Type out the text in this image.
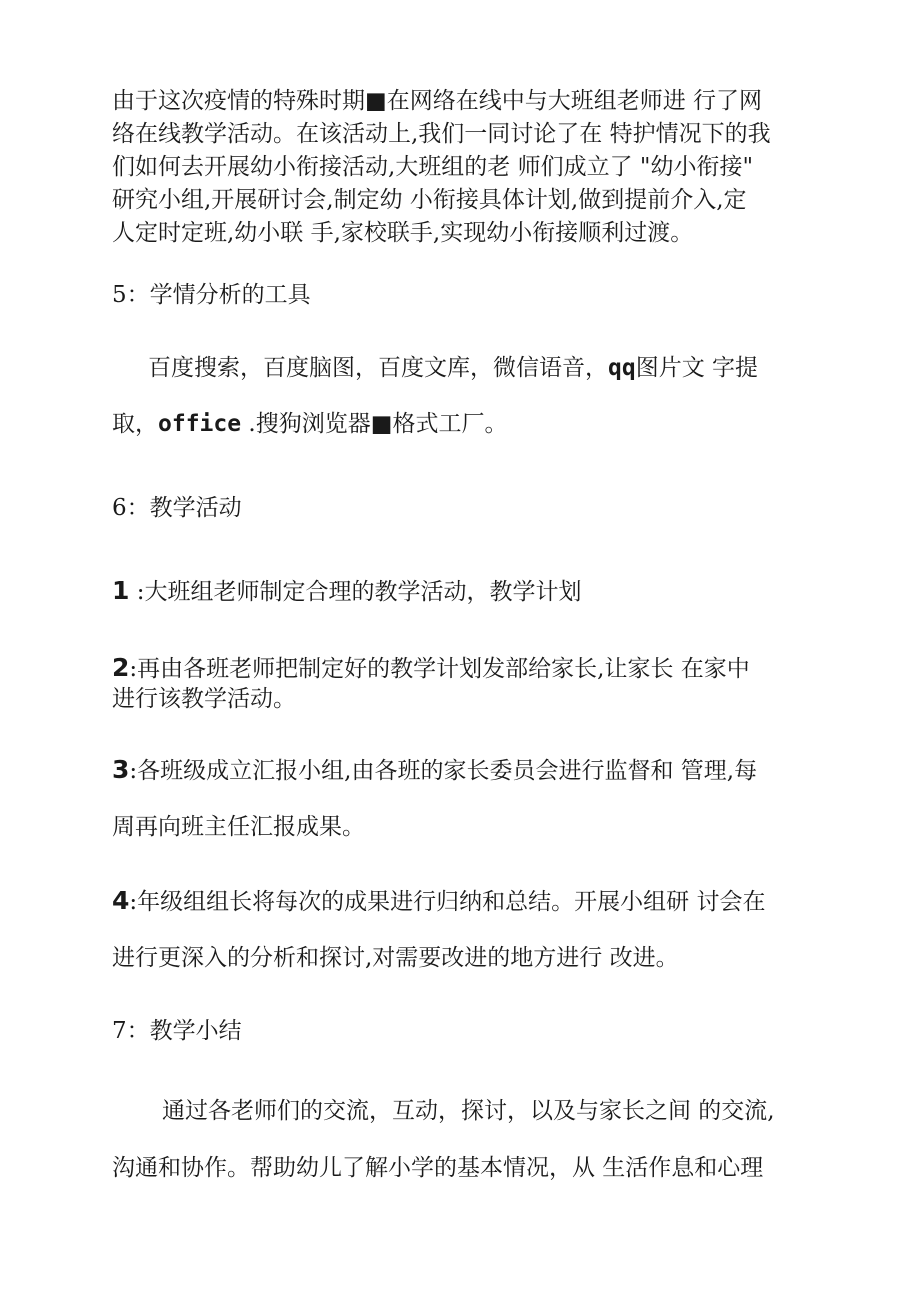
由于这次疫情的特殊时期■在网络在线中与大班组老师进 行了网
络在线教学活动。在该活动上,我们一同讨论了在 特护情况下的我
们如何去开展幼小衔接活动,大班组的老 师们成立了 "幼小衔接"
研究小组,开展研讨会,制定幼 小衔接具体计划,做到提前介入,定
人定时定班,幼小联 手,家校联手,实现幼小衔接顺利过渡。
5：学情分析的工具
百度搜索，百度脑图，百度文库，微信语音，qq图片文 字提
取，office .搜狗浏览器■格式工厂。
6：教学活动
1 :大班组老师制定合理的教学活动，教学计划
2:再由各班老师把制定好的教学计划发部给家长,让家长 在家中
进行该教学活动。
3:各班级成立汇报小组,由各班的家长委员会进行监督和 管理,每
周再向班主任汇报成果。
4:年级组组长将每次的成果进行归纳和总结。开展小组研 讨会在
进行更深入的分析和探讨,对需要改进的地方进行 改进。
7：教学小结
通过各老师们的交流，互动，探讨，以及与家长之间 的交流,
沟通和协作。帮助幼儿了解小学的基本情况，从 生活作息和心理
